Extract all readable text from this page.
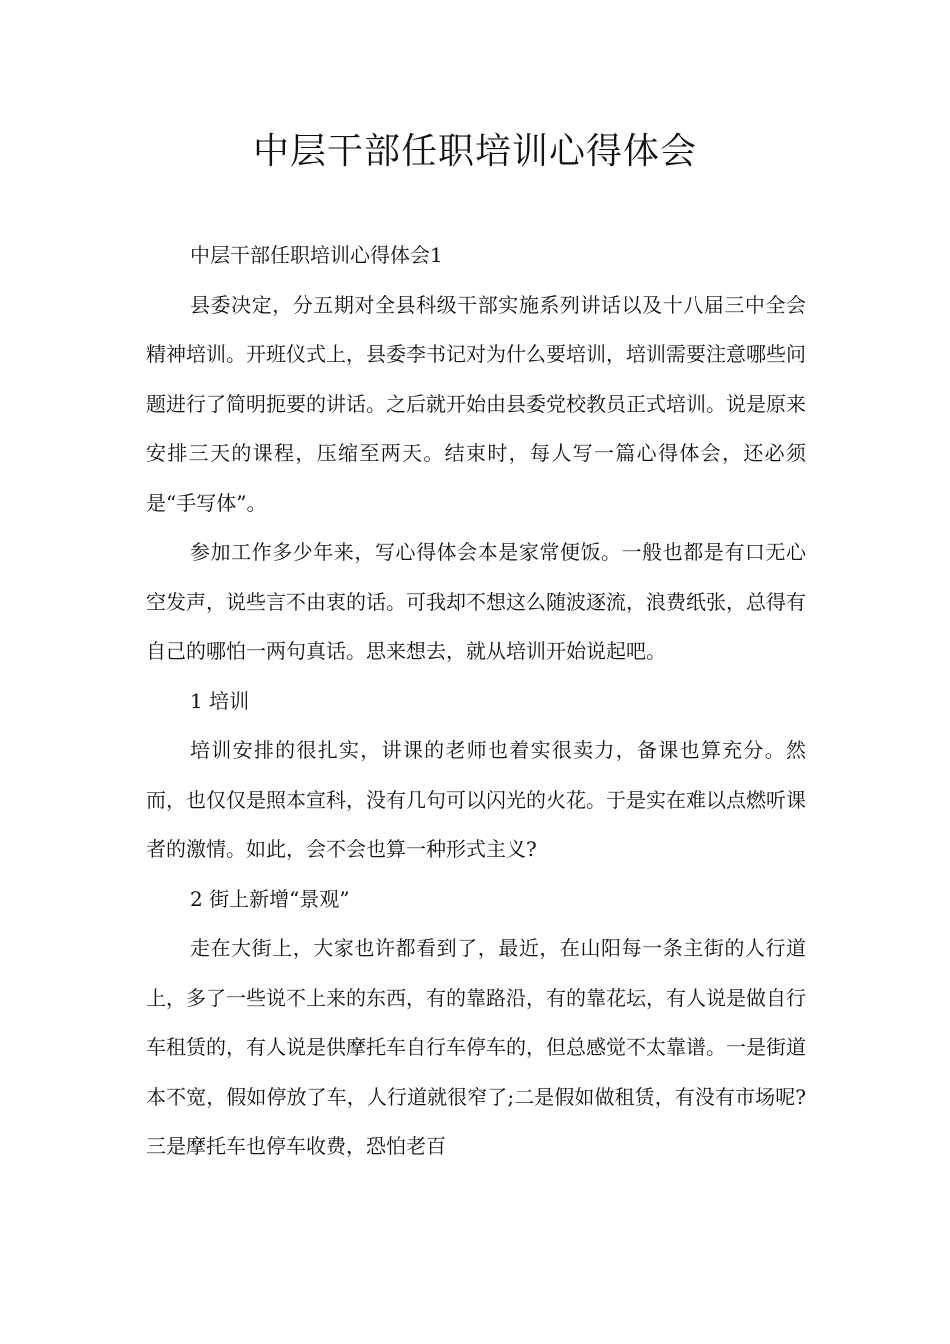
中层干部任职培训心得体会

中层干部任职培训心得体会1

县委决定，分五期对全县科级干部实施系列讲话以及十八届三中全会精神培训。开班仪式上，县委李书记对为什么要培训，培训需要注意哪些问题进行了简明扼要的讲话。之后就开始由县委党校教员正式培训。说是原来安排三天的课程，压缩至两天。结束时，每人写一篇心得体会，还必须是“手写体”。

参加工作多少年来，写心得体会本是家常便饭。一般也都是有口无心空发声，说些言不由衷的话。可我却不想这么随波逐流，浪费纸张，总得有自己的哪怕一两句真话。思来想去，就从培训开始说起吧。

1 培训

培训安排的很扎实，讲课的老师也着实很卖力，备课也算充分。然而，也仅仅是照本宣科，没有几句可以闪光的火花。于是实在难以点燃听课者的激情。如此，会不会也算一种形式主义?

2 街上新增“景观”

走在大街上，大家也许都看到了，最近，在山阳每一条主街的人行道上，多了一些说不上来的东西，有的靠路沿，有的靠花坛，有人说是做自行车租赁的，有人说是供摩托车自行车停车的，但总感觉不太靠谱。一是街道本不宽，假如停放了车，人行道就很窄了;二是假如做租赁，有没有市场呢?三是摩托车也停车收费，恐怕老百
